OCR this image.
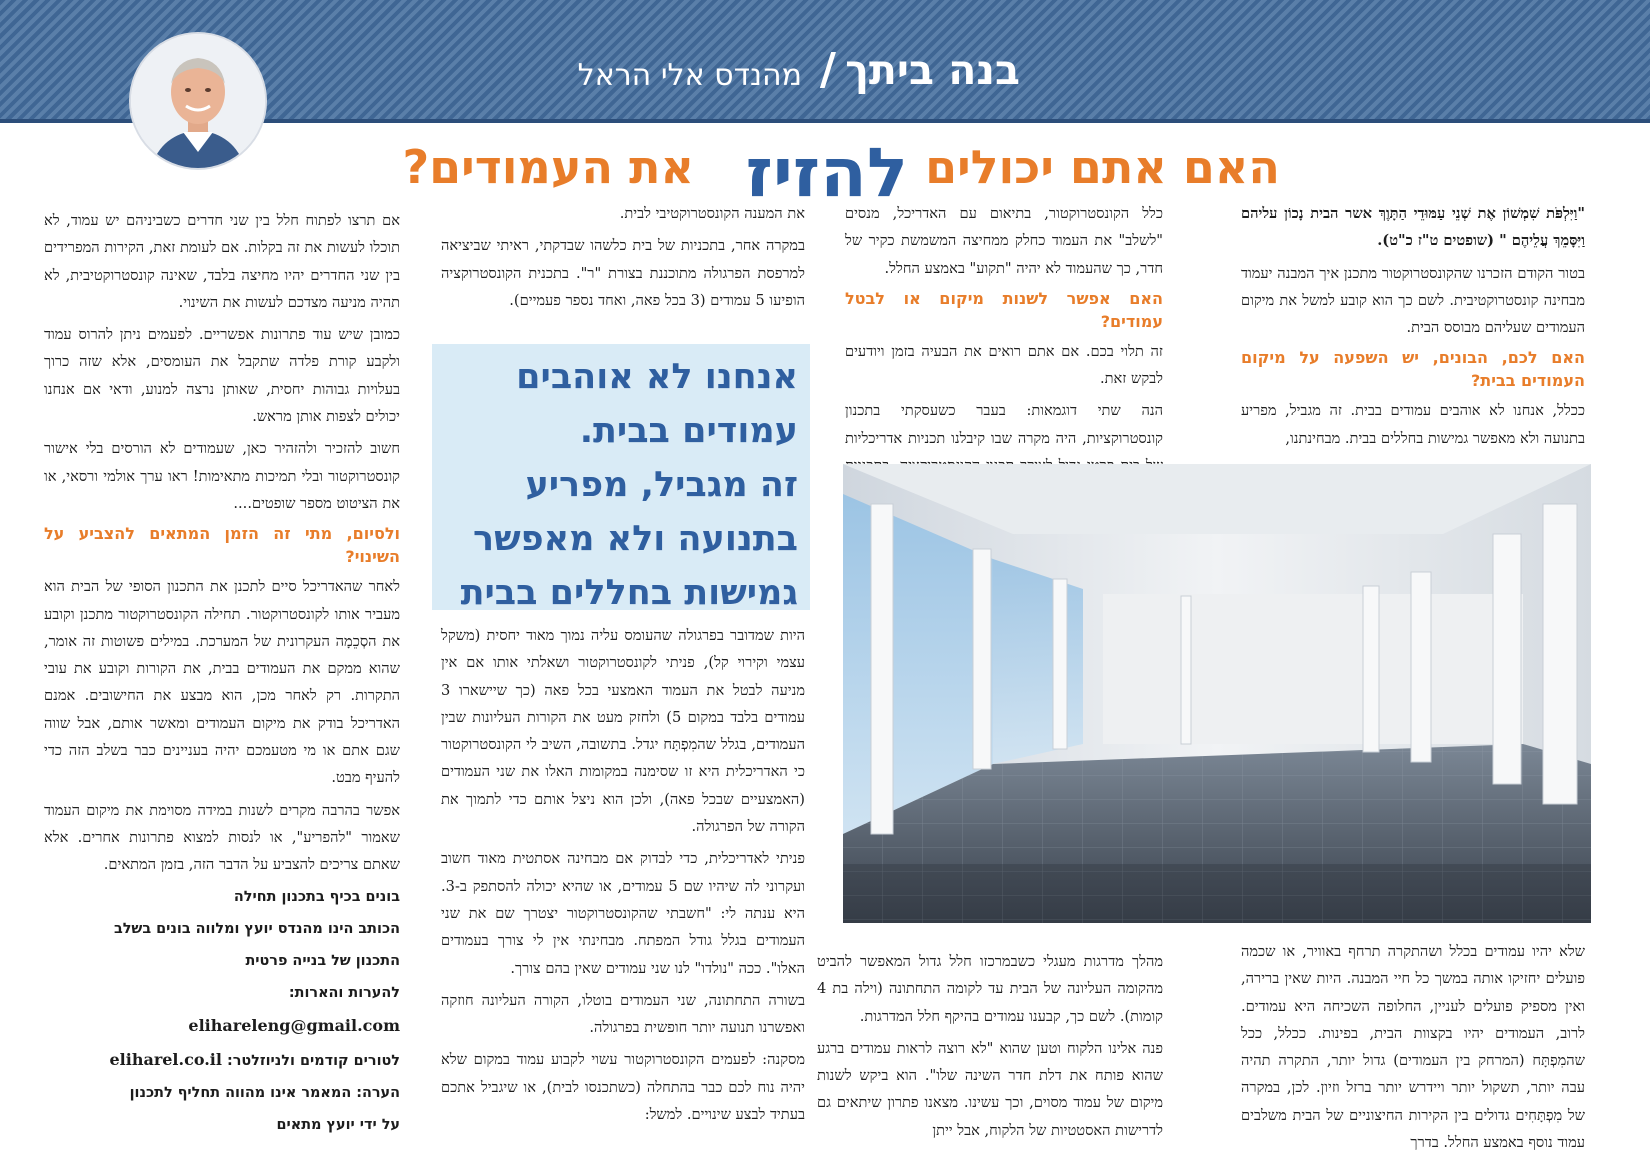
בנה ביתך
/
מהנדס אלי הראל
האם אתם יכולים
להזיז
את העמודים?

"וַיִּלְפֹּת שִׁמְשׁוֹן אֶת שְׁנֵי עַמּוּדֵי הַתָּוֶךְ אשר הבית נָכוֹן עליהם וַיִּסָּמֵךְ עֲלֵיהֶם " (שופטים ט"ז כ"ט).

בטור הקודם הזכרנו שהקונסטרוקטור מתכנן איך המבנה יעמוד מבחינה קונסטרוקטיבית. לשם כך הוא קובע למשל את מיקום העמודים שעליהם מבוסס הבית.

האם לכם, הבונים, יש השפעה על מיקום העמודים בבית?

ככלל, אנחנו לא אוהבים עמודים בבית. זה מגביל, מפריע בתנועה ולא מאפשר גמישות בחללים בבית. מבחינתנו,

שלא יהיו עמודים בכלל ושהתקרה תרחף באוויר, או שכמה פועלים יחזיקו אותה במשך כל חיי המבנה. היות שאין ברירה, ואין מספיק פועלים לעניין, החלופה השכיחה היא עמודים. לרוב, העמודים יהיו בקצוות הבית, בפינות. ככלל, ככל שהמִפְתָּח (המרחק בין העמודים) גדול יותר, התקרה תהיה עבה יותר, תשקול יותר ויידרש יותר ברזל וזיון. לכן, במקרה של מִפְתָּחִים גדולים בין הקירות החיצוניים של הבית משלבים עמוד נוסף באמצע החלל. בדרך

כלל הקונסטרוקטור, בתיאום עם האדריכל, מנסים "לשלב" את העמוד כחלק ממחיצה המשמשת כקיר של חדר, כך שהעמוד לא יהיה "תקוע" באמצע החלל.

האם אפשר לשנות מיקום או לבטל עמודים?

זה תלוי בכם. אם אתם רואים את הבעיה בזמן ויודעים לבקש זאת.

הנה שתי דוגמאות: בעבר כשעסקתי בתכנון קונסטרוקציות, היה מקרה שבו קיבלנו תכניות אדריכליות

מהלך מדרגות מעגלי כשבמרכזו חלל גדול המאפשר להביט מהקומה העליונה של הבית עד לקומה התחתונה (וילה בת 4 קומות). לשם כך, קבענו עמודים בהיקף חלל המדרגות.

פנה אלינו הלקוח וטען שהוא "לא רוצה לראות עמודים ברגע שהוא פותח את דלת חדר השינה שלו". הוא ביקש לשנות מיקום של עמוד מסוים, וכך עשינו. מצאנו פתרון שיתאים גם לדרישות האסטטיות של הלקוח, אבל ייתן

את המענה הקונסטרוקטיבי לבית.

במקרה אחר, בתכניות של בית כלשהו שבדקתי, ראיתי שביציאה למרפסת הפרגולה מתוכננת בצורת "ר". בתכנית הקונסטרוקציה הופיעו 5 עמודים (3 בכל פאה, ואחד נספר פעמיים).

אנחנו לא אוהבים
עמודים בבית.
זה מגביל, מפריע
בתנועה ולא מאפשר
גמישות בחללים בבית

היות שמדובר בפרגולה שהעומס עליה נמוך מאוד יחסית (משקל עצמי וקירוי קל), פניתי לקונסטרוקטור ושאלתי אותו אם אין מניעה לבטל את העמוד האמצעי בכל פאה (כך שיישארו 3 עמודים בלבד במקום 5) ולחזק מעט את הקורות העליונות שבין העמודים, בגלל שהמִפְתָּח יגדל. בתשובה, השיב לי הקונסטרוקטור כי האדריכלית היא זו שסימנה במקומות האלו את שני העמודים (האמצעיים שבכל פאה), ולכן הוא ניצל אותם כדי לתמוך את הקורה של הפרגולה.

פניתי לאדריכלית, כדי לבדוק אם מבחינה אסתטית מאוד חשוב ועקרוני לה שיהיו שם 5 עמודים, או שהיא יכולה להסתפק ב-3. היא ענתה לי: "חשבתי שהקונסטרוקטור יצטרך שם את שני העמודים בגלל גודל המפתח. מבחינתי אין לי צורך בעמודים האלו". ככה "נולדו" לנו שני עמודים שאין בהם צורך.

בשורה התחתונה, שני העמודים בוטלו, הקורה העליונה חוזקה ואפשרנו תנועה יותר חופשית בפרגולה.

מסקנה: לפעמים הקונסטרוקטור עשוי לקבוע עמוד במקום שלא יהיה נוח לכם כבר בהתחלה (כשתכנסו לבית), או שיגביל אתכם בעתיד לבצע שינויים. למשל:

אם תרצו לפתוח חלל בין שני חדרים כשביניהם יש עמוד, לא תוכלו לעשות את זה בקלות. אם לעומת זאת, הקירות המפרידים בין שני החדרים יהיו מחיצה בלבד, שאינה קונסטרוקטיבית, לא תהיה מניעה מצדכם לעשות את השינוי.

כמובן שיש עוד פתרונות אפשריים. לפעמים ניתן להרוס עמוד ולקבע קורת פלדה שתקבל את העומסים, אלא שזה כרוך בעלויות גבוהות יחסית, שאותן נרצה למנוע, ודאי אם אנחנו יכולים לצפות אותן מראש.

חשוב להזכיר ולהזהיר כאן, שעמודים לא הורסים בלי אישור קונסטרוקטור ובלי תמיכות מתאימות! ראו ערך אולמי ורסאי, או את הציטוט מספר שופטים....

ולסיום, מתי זה הזמן המתאים להצביע על השינוי?

לאחר שהאדריכל סיים לתכנן את התכנון הסופי של הבית הוא מעביר אותו לקונסטרוקטור. תחילה הקונסטרוקטור מתכנן וקובע את הסְכֵמָה העקרונית של המערכת. במילים פשוטות זה אומר, שהוא ממקם את העמודים בבית, את הקורות וקובע את עובי התקרות. רק לאחר מכן, הוא מבצע את החישובים. אמנם האדריכל בודק את מיקום העמודים ומאשר אותם, אבל שווה שגם אתם או מי מטעמכם יהיה בעניינים כבר בשלב הזה כדי להעיף מבט.

אפשר בהרבה מקרים לשנות במידה מסוימת את מיקום העמוד שאמור "להפריע", או לנסות למצוא פתרונות אחרים. אלא שאתם צריכים להצביע על הדבר הזה, בזמן המתאים.

בונים בכיף בתכנון תחילה

הכותב הינו מהנדס יועץ ומלווה בונים בשלב

התכנון של בנייה פרטית

להערות והארות:

elihareleng@gmail.com

לטורים קודמים ולניוזלטר: eliharel.co.il

הערה: המאמר אינו מהווה תחליף לתכנון

על ידי יועץ מתאים
